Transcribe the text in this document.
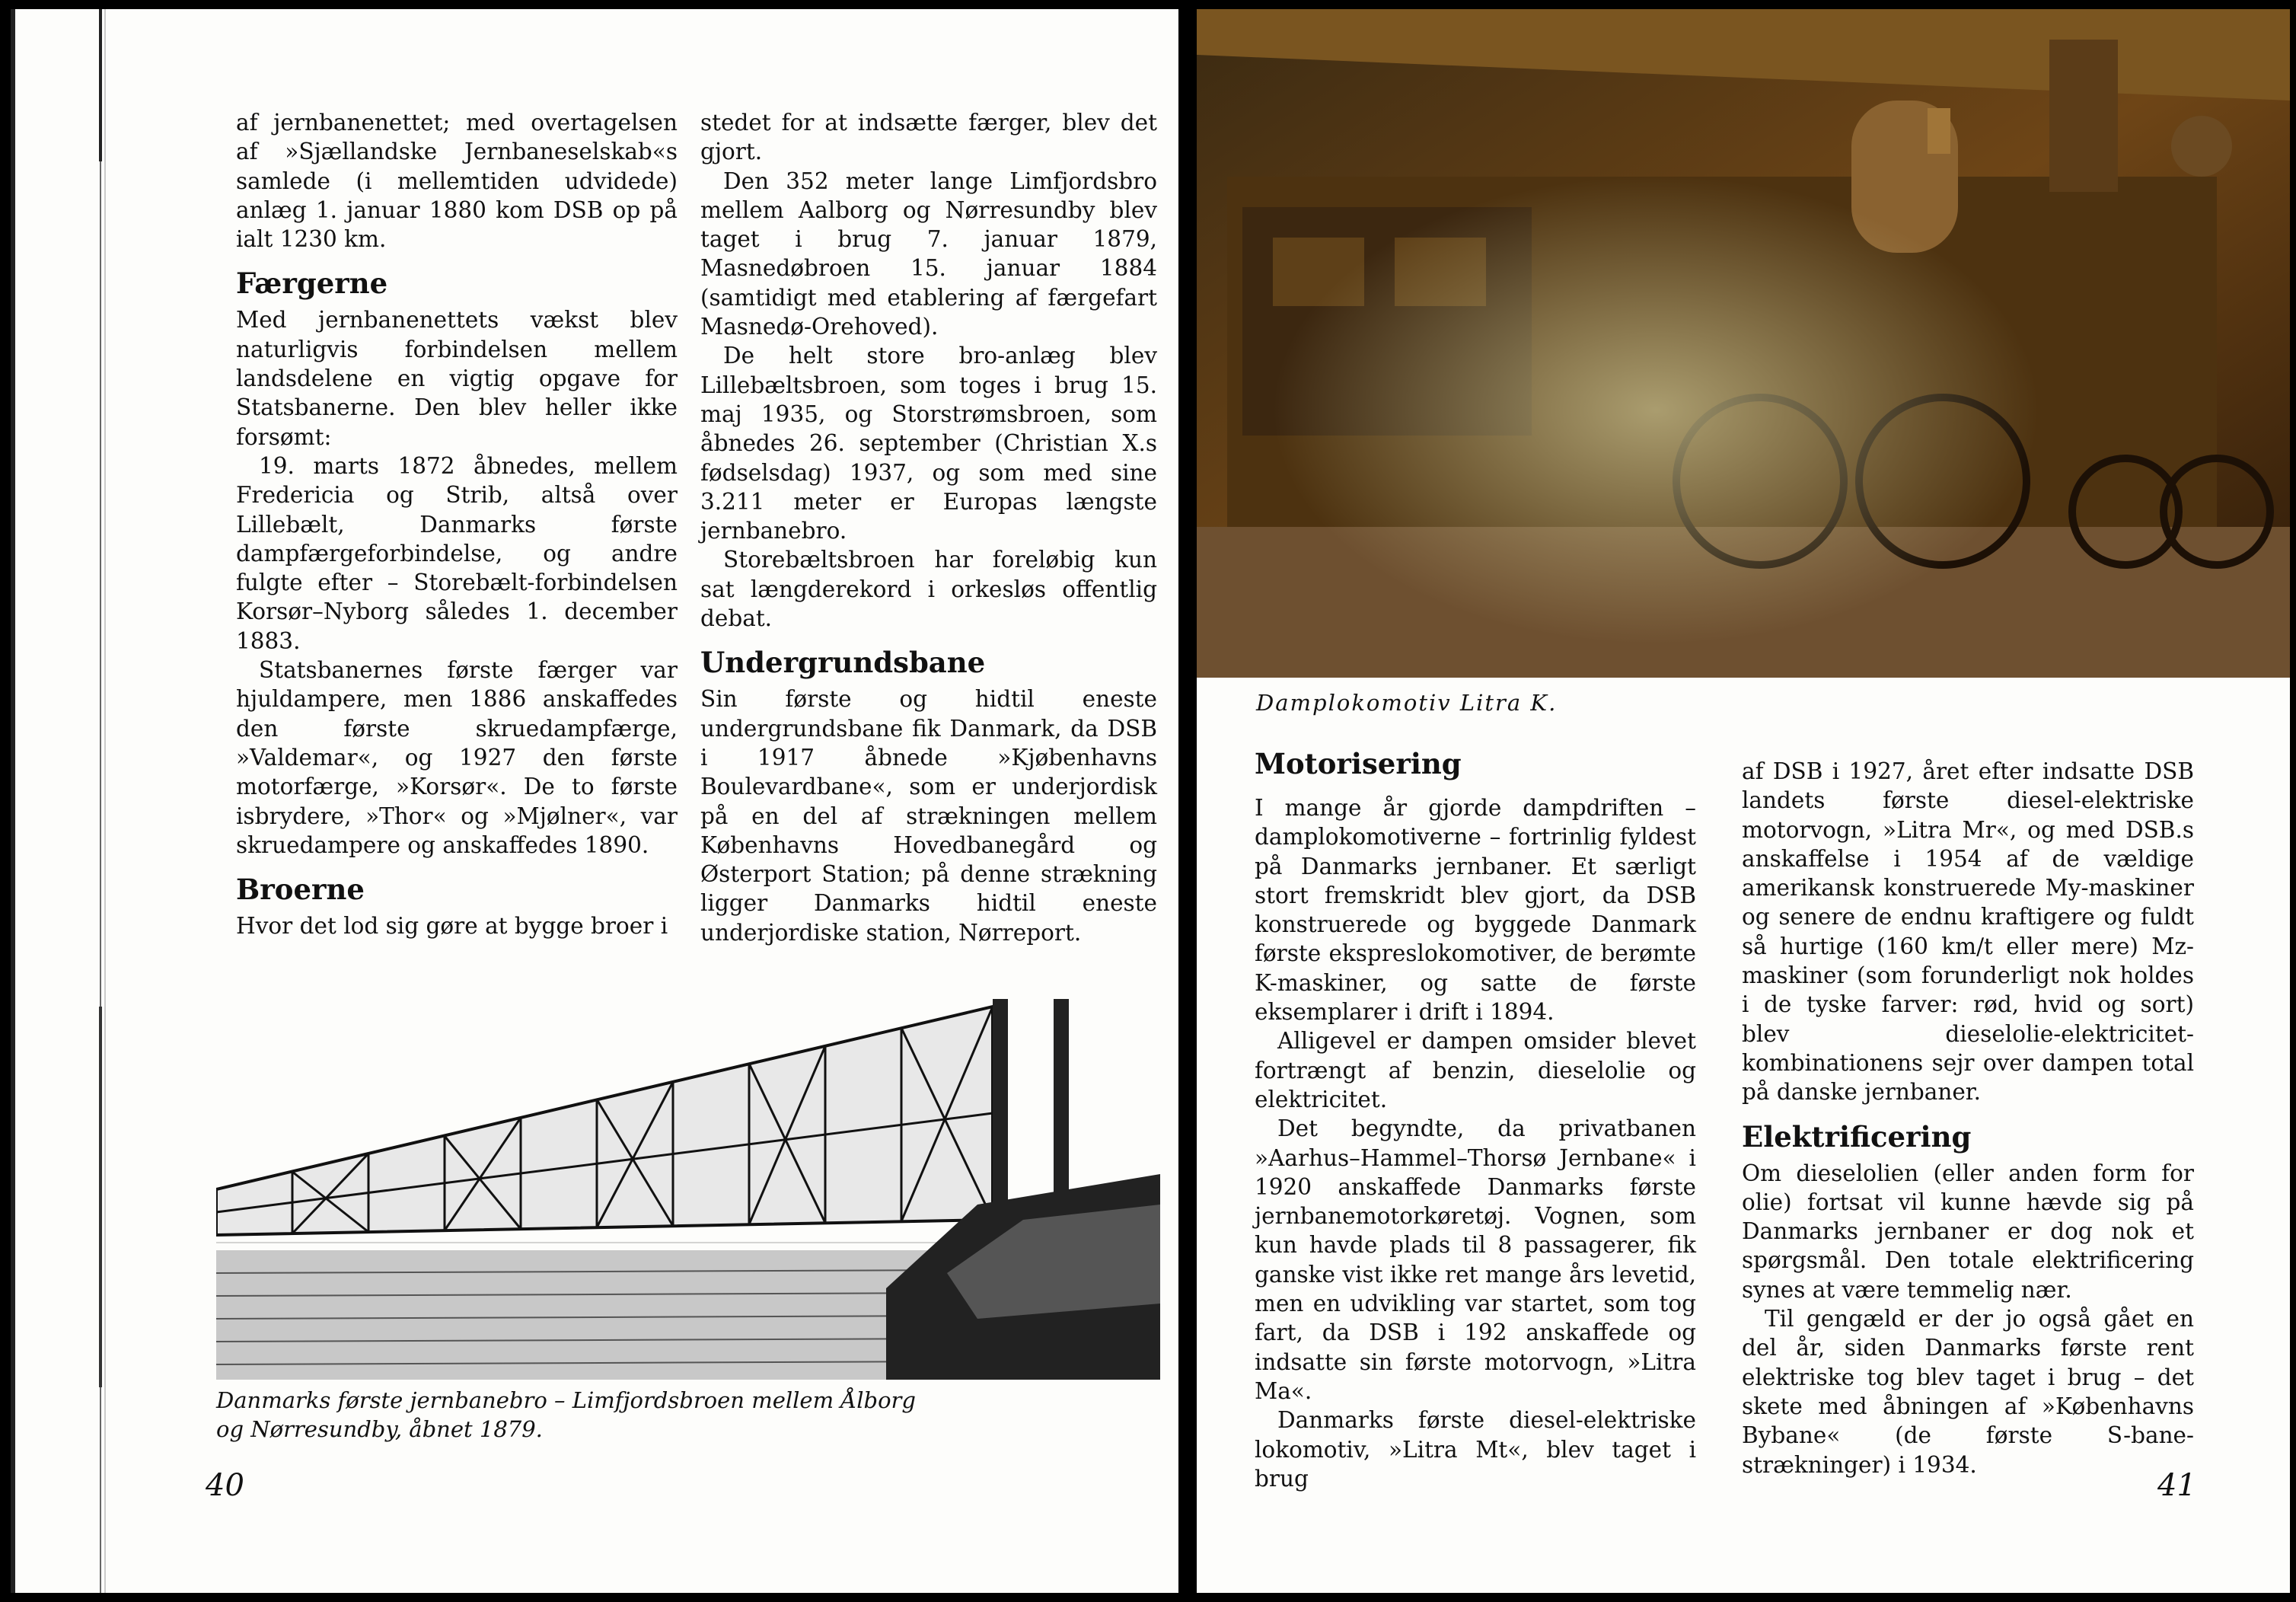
af jernbanenettet; med overtagelsen af »Sjællandske Jernbaneselskab«s samlede (i mellemtiden udvidede) anlæg 1. januar 1880 kom DSB op på ialt 1230 km.

Færgerne

Med jernbanenettets vækst blev naturligvis forbindelsen mellem landsdelene en vigtig opgave for Statsbanerne. Den blev heller ikke forsømt:

19. marts 1872 åbnedes, mellem Fredericia og Strib, altså over Lillebælt, Danmarks første dampfærgeforbindelse, og andre fulgte efter – Storebælt-forbindelsen Korsør–Nyborg således 1. december 1883.

Statsbanernes første færger var hjuldampere, men 1886 anskaffedes den første skruedampfærge, »Valdemar«, og 1927 den første motorfærge, »Korsør«. De to første isbrydere, »Thor« og »Mjølner«, var skruedampere og anskaffedes 1890.

Broerne

Hvor det lod sig gøre at bygge broer i

stedet for at indsætte færger, blev det gjort.

Den 352 meter lange Limfjordsbro mellem Aalborg og Nørresundby blev taget i brug 7. januar 1879, Masnedøbroen 15. januar 1884 (samtidigt med etablering af færgefart Masnedø-Orehoved).

De helt store bro-anlæg blev Lillebæltsbroen, som toges i brug 15. maj 1935, og Storstrømsbroen, som åbnedes 26. september (Christian X.s fødselsdag) 1937, og som med sine 3.211 meter er Europas længste jernbanebro.

Storebæltsbroen har foreløbig kun sat længderekord i orkesløs offentlig debat.

Undergrundsbane

Sin første og hidtil eneste undergrundsbane fik Danmark, da DSB i 1917 åbnede »Kjøbenhavns Boulevardbane«, som er underjordisk på en del af strækningen mellem Københavns Hovedbanegård og Østerport Station; på denne strækning ligger Danmarks hidtil eneste underjordiske station, Nørreport.

Danmarks første jernbanebro – Limfjordsbroen mellem Ålborg og Nørresundby, åbnet 1879.
40
Damplokomotiv Litra K.
Motorisering

I mange år gjorde dampdriften – damplokomotiverne – fortrinlig fyldest på Danmarks jernbaner. Et særligt stort fremskridt blev gjort, da DSB konstruerede og byggede Danmark første ekspreslokomotiver, de berømte K-maskiner, og satte de første eksemplarer i drift i 1894.

Alligevel er dampen omsider blevet fortrængt af benzin, dieselolie og elektricitet.

Det begyndte, da privatbanen »Aarhus–Hammel–Thorsø Jernbane« i 1920 anskaffede Danmarks første jernbanemotorkøretøj. Vognen, som kun havde plads til 8 passagerer, fik ganske vist ikke ret mange års levetid, men en udvikling var startet, som tog fart, da DSB i 192 anskaffede og indsatte sin første motorvogn, »Litra Ma«.

Danmarks første diesel-elektriske lokomotiv, »Litra Mt«, blev taget i brug

af DSB i 1927, året efter indsatte DSB landets første diesel-elektriske motorvogn, »Litra Mr«, og med DSB.s anskaffelse i 1954 af de vældige amerikansk konstruerede My-maskiner og senere de endnu kraftigere og fuldt så hurtige (160 km/t eller mere) Mz-maskiner (som forunderligt nok holdes i de tyske farver: rød, hvid og sort) blev dieselolie-elektricitet-kombinationens sejr over dampen total på danske jernbaner.

Elektrificering

Om dieselolien (eller anden form for olie) fortsat vil kunne hævde sig på Danmarks jernbaner er dog nok et spørgsmål. Den totale elektrificering synes at være temmelig nær.

Til gengæld er der jo også gået en del år, siden Danmarks første rent elektriske tog blev taget i brug – det skete med åbningen af »Københavns Bybane« (de første S-bane-strækninger) i 1934.

41
